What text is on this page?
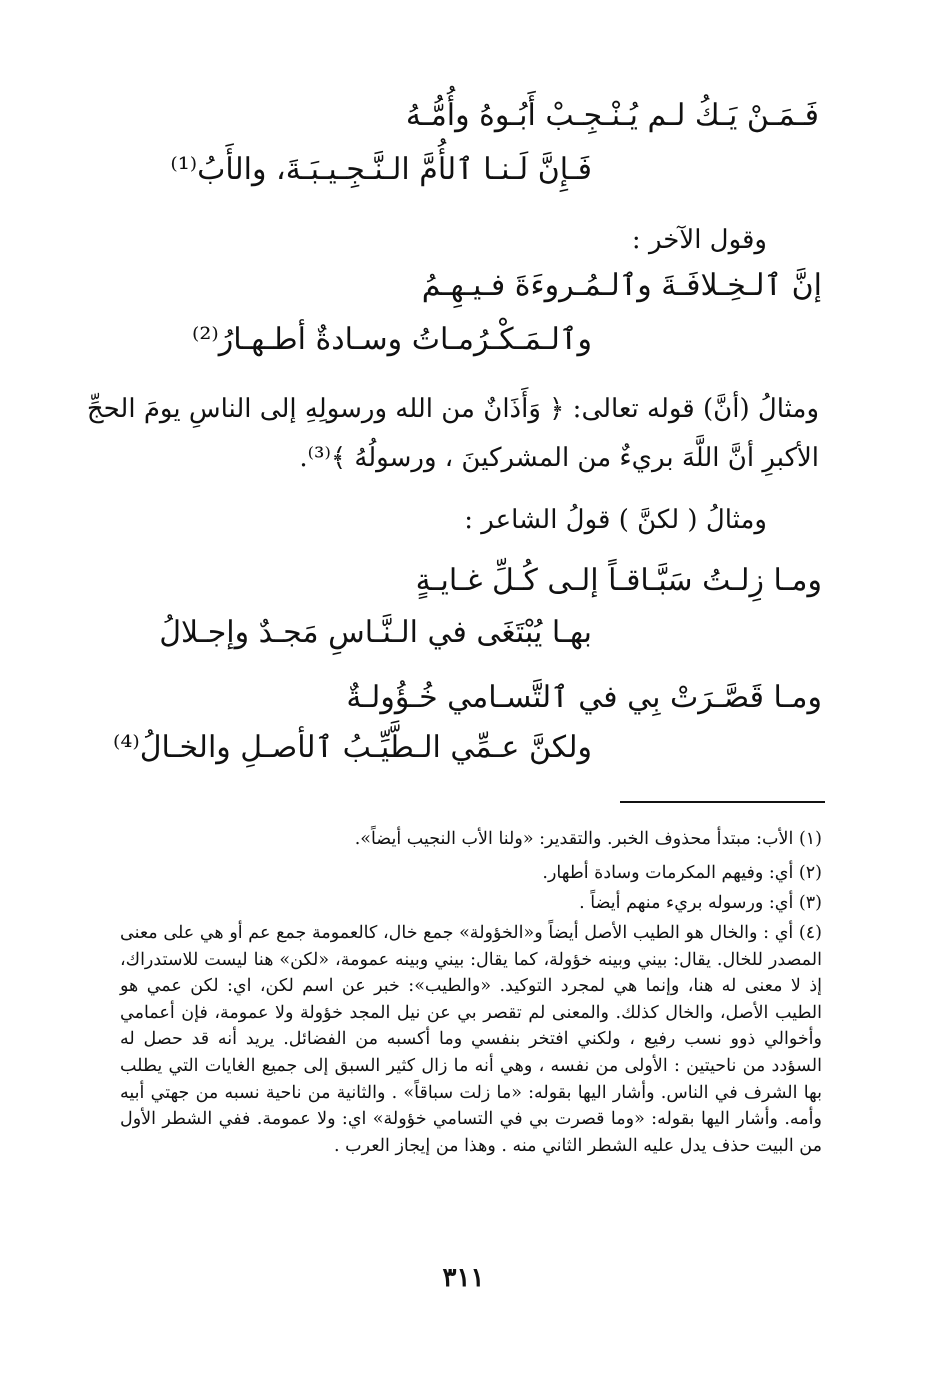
فَـمَـنْ يَـكُ لـم يُـنْـجِـبْ أَبُـوهُ وأُمُّـهُ
فَـإِنَّ لَـنـا ٱلأُمَّ الـنَّـجِـيـبَـةَ، والأَبُ⁽¹⁾
وقول الآخر :
إنَّ ٱلـخِـلافَـةَ وٱلـمُـروءَةَ فـيـهِـمُ
وٱلـمَـكْـرُمـاتُ وسـادةٌ أطـهـارُ⁽²⁾
ومثالُ (أنَّ) قوله تعالى: ﴿ وَأَذَانٌ من الله ورسولِهِ إلى الناسِ يومَ الحجِّ
الأكبرِ أنَّ اللَّهَ بريءٌ من المشركينَ ، ورسولُهُ ﴾⁽³⁾.
ومثالُ ( لكنَّ ) قولُ الشاعر :
ومـا زِلـتُ سَبَّـاقـاً إلـى كُـلِّ غـايـةٍ
بهـا يُبْتَغَى في الـنَّـاسِ مَجـدٌ وإجـلالُ
ومـا قَصَّـرَتْ بِي في ٱلتَّسـامي خُـؤُولـةٌ
ولكنَّ عـمِّي الـطَّيِّـبُ ٱلأصـلِ والخـالُ⁽⁴⁾
(١) الأب: مبتدأ محذوف الخبر. والتقدير: «ولنا الأب النجيب أيضاً».
(٢) أي: وفيهم المكرمات وسادة أطهار.
(٣) أي: ورسوله بريء منهم أيضاً .
(٤) أي : والخال هو الطيب الأصل أيضاً و«الخؤولة» جمع خال، كالعمومة جمع عم أو هي على معنى المصدر للخال. يقال: بيني وبينه خؤولة، كما يقال: بيني وبينه عمومة، «لكن» هنا ليست للاستدراك، إذ لا معنى له هنا، وإنما هي لمجرد التوكيد. «والطيب»: خبر عن اسم لكن، اي: لكن عمي هو الطيب الأصل، والخال كذلك. والمعنى لم تقصر بي عن نيل المجد خؤولة ولا عمومة، فإن أعمامي وأخوالي ذوو نسب رفيع ، ولكني افتخر بنفسي وما أكسبه من الفضائل. يريد أنه قد حصل له السؤدد من ناحيتين : الأولى من نفسه ، وهي أنه ما زال كثير السبق إلى جميع الغايات التي يطلب بها الشرف في الناس. وأشار اليها بقوله: «ما زلت سباقاً» . والثانية من ناحية نسبه من جهتي أبيه وأمه. وأشار اليها بقوله: «وما قصرت بي في التسامي خؤولة» اي: ولا عمومة. ففي الشطر الأول من البيت حذف يدل عليه الشطر الثاني منه . وهذا من إيجاز العرب .
٣١١
